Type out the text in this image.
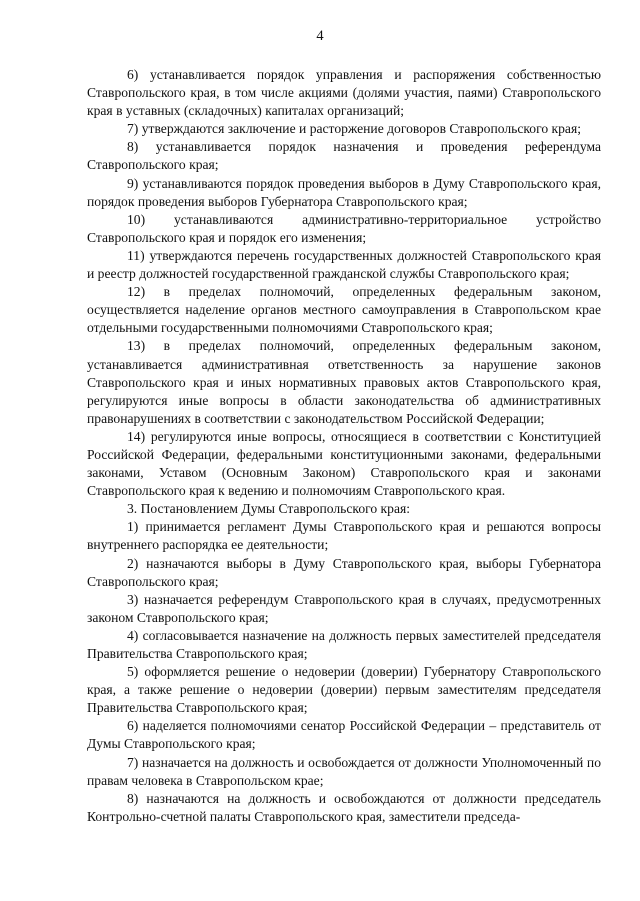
4

6) устанавливается порядок управления и распоряжения собственностью Ставропольского края, в том числе акциями (долями участия, паями) Ставропольского края в уставных (складочных) капиталах организаций;

7) утверждаются заключение и расторжение договоров Ставропольского края;

8) устанавливается порядок назначения и проведения референдума Ставропольского края;

9) устанавливаются порядок проведения выборов в Думу Ставропольского края, порядок проведения выборов Губернатора Ставропольского края;

10) устанавливаются административно-территориальное устройство Ставропольского края и порядок его изменения;

11) утверждаются перечень государственных должностей Ставропольского края и реестр должностей государственной гражданской службы Ставропольского края;

12) в пределах полномочий, определенных федеральным законом, осуществляется наделение органов местного самоуправления в Ставропольском крае отдельными государственными полномочиями Ставропольского края;

13) в пределах полномочий, определенных федеральным законом, устанавливается административная ответственность за нарушение законов Ставропольского края и иных нормативных правовых актов Ставропольского края, регулируются иные вопросы в области законодательства об административных правонарушениях в соответствии с законодательством Российской Федерации;

14) регулируются иные вопросы, относящиеся в соответствии с Конституцией Российской Федерации, федеральными конституционными законами, федеральными законами, Уставом (Основным Законом) Ставропольского края и законами Ставропольского края к ведению и полномочиям Ставропольского края.

3. Постановлением Думы Ставропольского края:

1) принимается регламент Думы Ставропольского края и решаются вопросы внутреннего распорядка ее деятельности;

2) назначаются выборы в Думу Ставропольского края, выборы Губернатора Ставропольского края;

3) назначается референдум Ставропольского края в случаях, предусмотренных законом Ставропольского края;

4) согласовывается назначение на должность первых заместителей председателя Правительства Ставропольского края;

5) оформляется решение о недоверии (доверии) Губернатору Ставропольского края, а также решение о недоверии (доверии) первым заместителям председателя Правительства Ставропольского края;

6) наделяется полномочиями сенатор Российской Федерации – представитель от Думы Ставропольского края;

7) назначается на должность и освобождается от должности Уполномоченный по правам человека в Ставропольском крае;

8) назначаются на должность и освобождаются от должности председатель Контрольно-счетной палаты Ставропольского края, заместители председа-
